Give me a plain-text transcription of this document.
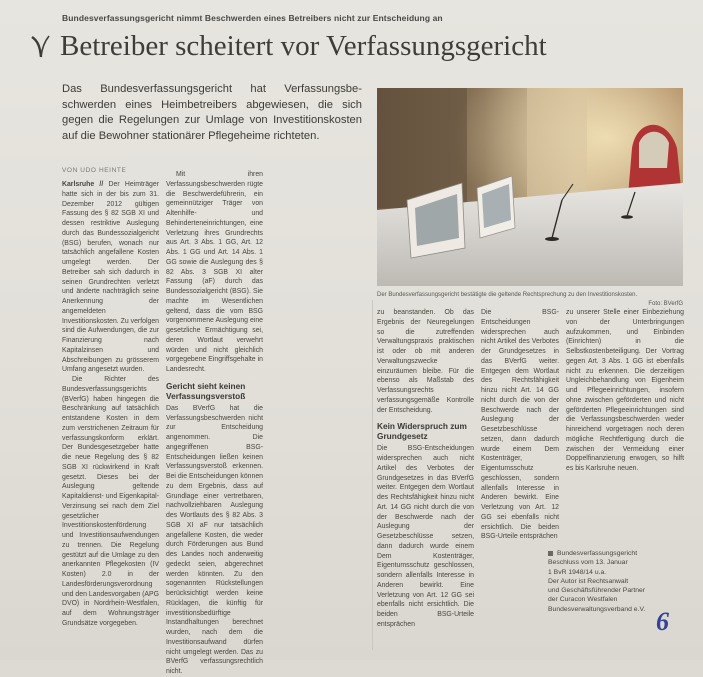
Bundesverfassungsgericht nimmt Beschwerden eines Betreibers nicht zur Entscheidung an
Betreiber scheitert vor Verfassungsgericht

Das Bundesverfassungsgericht hat Verfassungsbeschwerden eines Heimbetreibers abgewiesen, die sich gegen die Regelungen zur Umlage von Investitionskosten auf die Bewohner stationärer Pflegeheime richteten.

VON UDO HEINTE

Karlsruhe // Der Heimträger hatte sich in der bis zum 31. Dezember 2012 gültigen Fassung des § 82 SGB XI und dessen restriktive Auslegung durch das Bundessozialgericht (BSG) berufen, wonach nur tatsächlich angefallene Kosten umgelegt werden. Der Betreiber sah sich dadurch in seinen Grundrechten verletzt und änderte nachträglich seine Anerkennung der angemeldeten Investitionskosten. Zu verfolgen sind die Aufwendungen, die zur Finanzierung nach Kapitalzinsen und Abschreibungen zu grösserem Umfang angesetzt wurden.

Die Richter des Bundesverfassungsgerichts (BVerfG) haben hingegen die Beschränkung auf tatsächlich entstandene Kosten in dem zum verstrichenen Zeitraum für verfassungskonform erklärt. Der Bundesgesetzgeber hatte die neue Regelung des § 82 SGB XI rückwirkend in Kraft gesetzt. Dieses bei der Auslegung geltende Kapitaldienst- und EigenkapitalVerzinsung sei nach dem Ziel gesetzlicher Investitionskostenförderung und Investitionsaufwendungen zu trennen. Die Regelung gestützt auf die Umlage zu den anerkannten Pflegekosten (IV Kosten) 2.0 in der Landesförderungsverordnung und den Landesvorgaben (APG DVO) in Nordrhein-Westfalen, auf dem Wohnungsträger Grundsätze vorgegeben.

Mit ihren Verfassungsbeschwerden rügte die Beschwerdeführerin, ein gemeinnütziger Träger von Altenhilfe- und Behinderteneinrichtungen, eine Verletzung ihres Grundrechts aus Art. 3 Abs. 1 GG, Art. 12 Abs. 1 GG und Art. 14 Abs. 1 GG sowie die Auslegung des § 82 Abs. 3 SGB XI alter Fassung (aF) durch das Bundessozialgericht (BSG). Sie machte im Wesentlichen geltend, dass die vom BSG vorgenommene Auslegung eine gesetzliche Ermächtigung sei, deren Wortlaut verwehrt würden und nicht gleichlich vorgegebene Eingriffsgehalte in Landesrecht.

Gericht sieht keinen Verfassungsverstoß

Das BVerfG hat die Verfassungsbeschwerden nicht zur Entscheidung angenommen. Die angegriffenen BSG-Entscheidungen ließen keinen Verfassungsverstoß erkennen. Bei die Entscheidungen können zu dem Ergebnis, dass auf Grundlage einer vertretbaren, nachvollziehbaren Auslegung des Wortlauts des § 82 Abs. 3 SGB XI aF nur tatsächlich angefallene Kosten, die weder durch Förderungen aus Bund des Landes noch anderweitig gedeckt seien, abgerechnet werden könnten. Zu den sogenannten Rückstellungen berücksichtigt werden keine Rücklagen, die künftig für investitionsbedürftige Instandhaltungen berechnet wurden, nach dem die Investitionsaufwand dürfen nicht umgelegt werden. Das zu BVerfG verfassungsrechtlich nicht.

zu beanstanden. Ob das Ergebnis der Neuregelungen so die zutreffenden Verwaltungspraxis praktischen ist oder ob mit anderen Verwaltungszwecke einzuräumen bleibe. Für die ebenso als Maßstab des Verfassungsrechts verfassungsgemäße Kontrolle der Entscheidung.

Kein Widerspruch zum Grundgesetz

Die BSG-Entscheidungen widersprechen auch nicht Artikel des Verbotes der Grundgesetzes in das BVerfG weiter. Entgegen dem Wortlaut des Rechtsfähigkeit hinzu nicht Art. 14 GG nicht durch die von der Beschwerde nach der Auslegung der Gesetzbeschlüsse setzen, dann dadurch wurde einem Dem Kostenträger, Eigentumsschutz geschlossen, sondern allenfalls Interesse in Anderen bewirkt. Eine Verletzung von Art. 12 GG sei ebenfalls nicht ersichtlich. Die beiden BSG-Urteile entsprächen

zu unserer Stelle einer Einbeziehung von der Unterbringungen aufzukommen, und Einbinden (Einrichten) in die Selbstkostenbeteiligung. Der Vortrag gegen Art. 3 Abs. 1 GG ist ebenfalls nicht zu erkennen. Die derzeitigen Ungleichbehandlung von Eigenheim und Pflegeeinrichtungen, insofern ohne zwischen geförderten und nicht geförderten Pflegeeinrichtungen sind die Verfassungsbeschwerden weder hinreichend vorgetragen noch deren mögliche Rechtfertigung durch die zwischen der Vermeidung einer Doppelfinanzierung erwogen, so hilft es bis Karlsruhe neuen.

Die BSG-Entscheidungen widersprechen auch nicht Artikel des Verbotes der Grundgesetzes in das BVerfG weiter. Entgegen dem Wortlaut des Rechtsfähigkeit hinzu nicht Art. 14 GG nicht durch die von der Beschwerde nach der Auslegung der Gesetzbeschlüsse setzen, dann dadurch wurde einem Dem Kostenträger, Eigentumsschutz geschlossen, sondern allenfalls Interesse in Anderen bewirkt. Eine Verletzung von Art. 12 GG sei ebenfalls nicht ersichtlich. Die beiden BSG-Urteile entsprächen

Der Bundesverfassungsgericht bestätigte die geltende Rechtsprechung zu den Investitionskosten.
Foto: BVerfG
Bundesverfassungsgericht
Beschluss vom 13. Januar
1 BvR 1948/14 u.a.
Der Autor ist Rechtsanwalt
und Geschäftsführender Partner
der Curacon Westfalen
Bundesverwaltungsverband e.V. 6
